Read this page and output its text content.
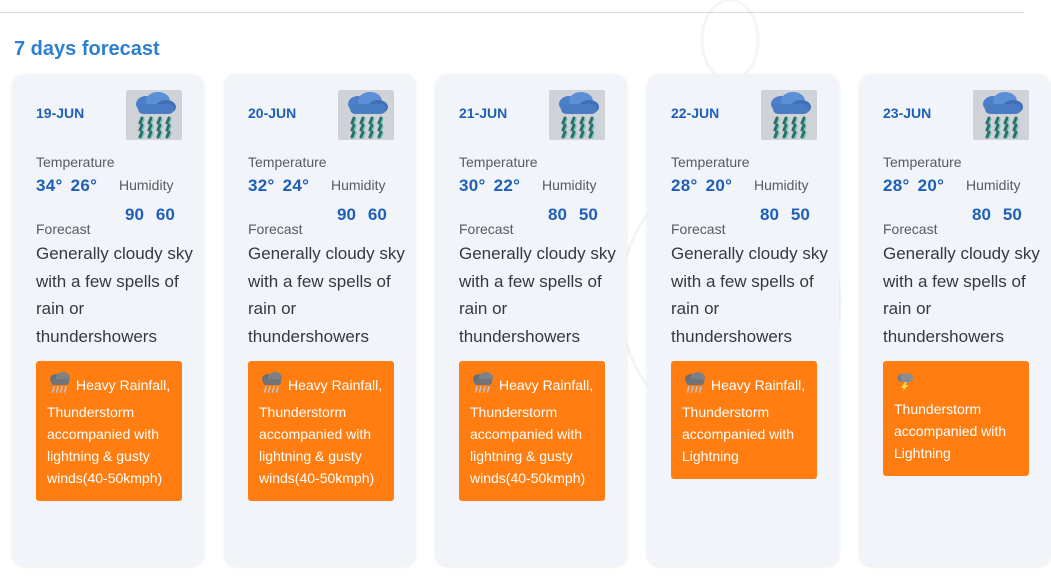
7 days forecast
19-JUN
Temperature
34° 26°	Humidity
90 60
Forecast
Generally cloudy sky with a few spells of rain or thundershowers
Heavy Rainfall, Thunderstorm accompanied with lightning & gusty winds(40-50kmph)
20-JUN
Temperature
32° 24°	Humidity
90 60
Forecast
Generally cloudy sky with a few spells of rain or thundershowers
Heavy Rainfall, Thunderstorm accompanied with lightning & gusty winds(40-50kmph)
21-JUN
Temperature
30° 22°	Humidity
80 50
Forecast
Generally cloudy sky with a few spells of rain or thundershowers
Heavy Rainfall, Thunderstorm accompanied with lightning & gusty winds(40-50kmph)
22-JUN
Temperature
28° 20°	Humidity
80 50
Forecast
Generally cloudy sky with a few spells of rain or thundershowers
Heavy Rainfall, Thunderstorm accompanied with Lightning
23-JUN
Temperature
28° 20°	Humidity
80 50
Forecast
Generally cloudy sky with a few spells of rain or thundershowers

Thunderstorm accompanied with Lightning
